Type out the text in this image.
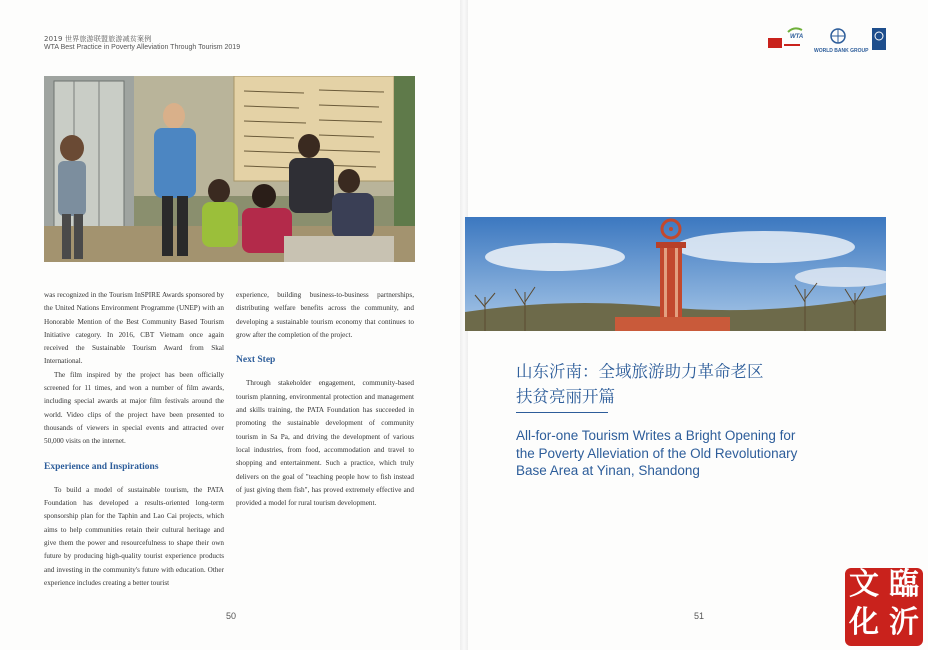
2019 世界旅游联盟旅游减贫案例
WTA Best Practice in Poverty Alleviation Through Tourism 2019

was recognized in the Tourism InSPIRE Awards sponsored by the United Nations Environment Programme (UNEP) with an Honorable Mention of the Best Community Based Tourism Initiative category. In 2016, CBT Vietnam once again received the Sustainable Tourism Award from Skal International.

The film inspired by the project has been officially screened for 11 times, and won a number of film awards, including special awards at major film festivals around the world. Video clips of the project have been presented to thousands of viewers in special events and attracted over 50,000 visits on the internet.

Experience and Inspirations

To build a model of sustainable tourism, the PATA Foundation has developed a results-oriented long-term sponsorship plan for the Taphin and Lao Cai projects, which aims to help communities retain their cultural heritage and give them the power and resourcefulness to shape their own future by producing high-quality tourist experience products and investing in the community's future with education. Other experience includes creating a better tourist

experience, building business-to-business partnerships, distributing welfare benefits across the community, and developing a sustainable tourism economy that continues to grow after the completion of the project.

Next Step

Through stakeholder engagement, community-based tourism planning, environmental protection and management and skills training, the PATA Foundation has succeeded in promoting the sustainable development of community tourism in Sa Pa, and driving the development of various local industries, from food, accommodation and travel to shopping and entertainment. Such a practice, which truly delivers on the goal of "teaching people how to fish instead of just giving them fish", has proved extremely effective and provided a model for rural tourism development.

50
WTA
WORLD BANK GROUP
山东沂南：全域旅游助力革命老区
扶贫亮丽开篇
All-for-one Tourism Writes a Bright Opening for the Poverty Alleviation of the Old Revolutionary Base Area at Yinan, Shandong
51
臨
沂
文
化
